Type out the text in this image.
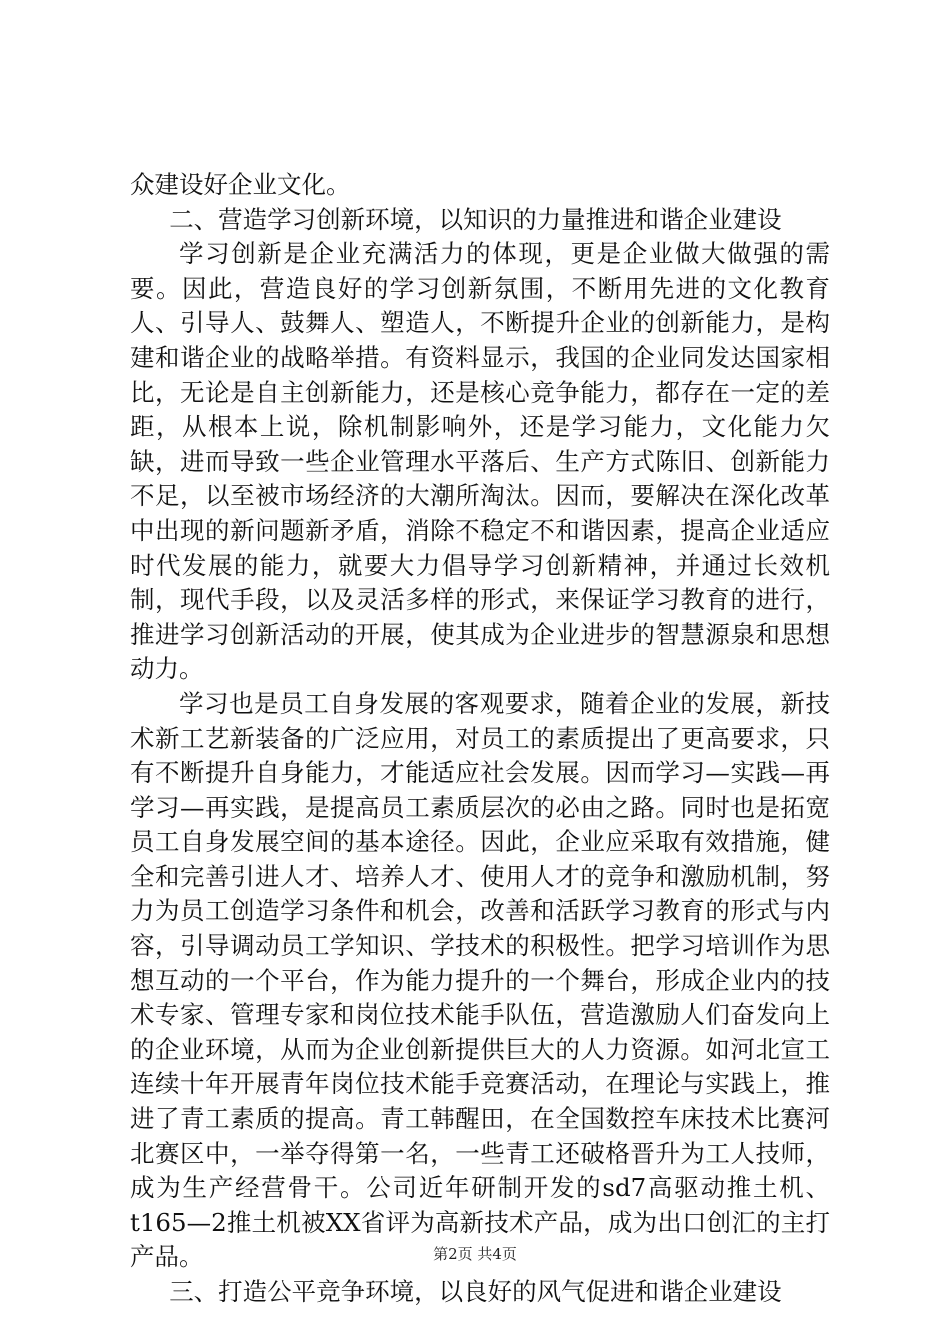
众建设好企业文化。

二、营造学习创新环境，以知识的力量推进和谐企业建设

学习创新是企业充满活力的体现，更是企业做大做强的需要。因此，营造良好的学习创新氛围，不断用先进的文化教育人、引导人、鼓舞人、塑造人，不断提升企业的创新能力，是构建和谐企业的战略举措。有资料显示，我国的企业同发达国家相比，无论是自主创新能力，还是核心竞争能力，都存在一定的差距，从根本上说，除机制影响外，还是学习能力，文化能力欠缺，进而导致一些企业管理水平落后、生产方式陈旧、创新能力不足，以至被市场经济的大潮所淘汰。因而，要解决在深化改革中出现的新问题新矛盾，消除不稳定不和谐因素，提高企业适应时代发展的能力，就要大力倡导学习创新精神，并通过长效机制，现代手段，以及灵活多样的形式，来保证学习教育的进行，推进学习创新活动的开展，使其成为企业进步的智慧源泉和思想动力。

学习也是员工自身发展的客观要求，随着企业的发展，新技术新工艺新装备的广泛应用，对员工的素质提出了更高要求，只有不断提升自身能力，才能适应社会发展。因而学习—实践—再学习—再实践，是提高员工素质层次的必由之路。同时也是拓宽员工自身发展空间的基本途径。因此，企业应采取有效措施，健全和完善引进人才、培养人才、使用人才的竞争和激励机制，努力为员工创造学习条件和机会，改善和活跃学习教育的形式与内容，引导调动员工学知识、学技术的积极性。把学习培训作为思想互动的一个平台，作为能力提升的一个舞台，形成企业内的技术专家、管理专家和岗位技术能手队伍，营造激励人们奋发向上的企业环境，从而为企业创新提供巨大的人力资源。如河北宣工连续十年开展青年岗位技术能手竞赛活动，在理论与实践上，推进了青工素质的提高。青工韩醒田，在全国数控车床技术比赛河北赛区中，一举夺得第一名，一些青工还破格晋升为工人技师，成为生产经营骨干。公司近年研制开发的sd7高驱动推土机、t165—2推土机被XX省评为高新技术产品，成为出口创汇的主打产品。

三、打造公平竞争环境，以良好的风气促进和谐企业建设

第2页 共4页
